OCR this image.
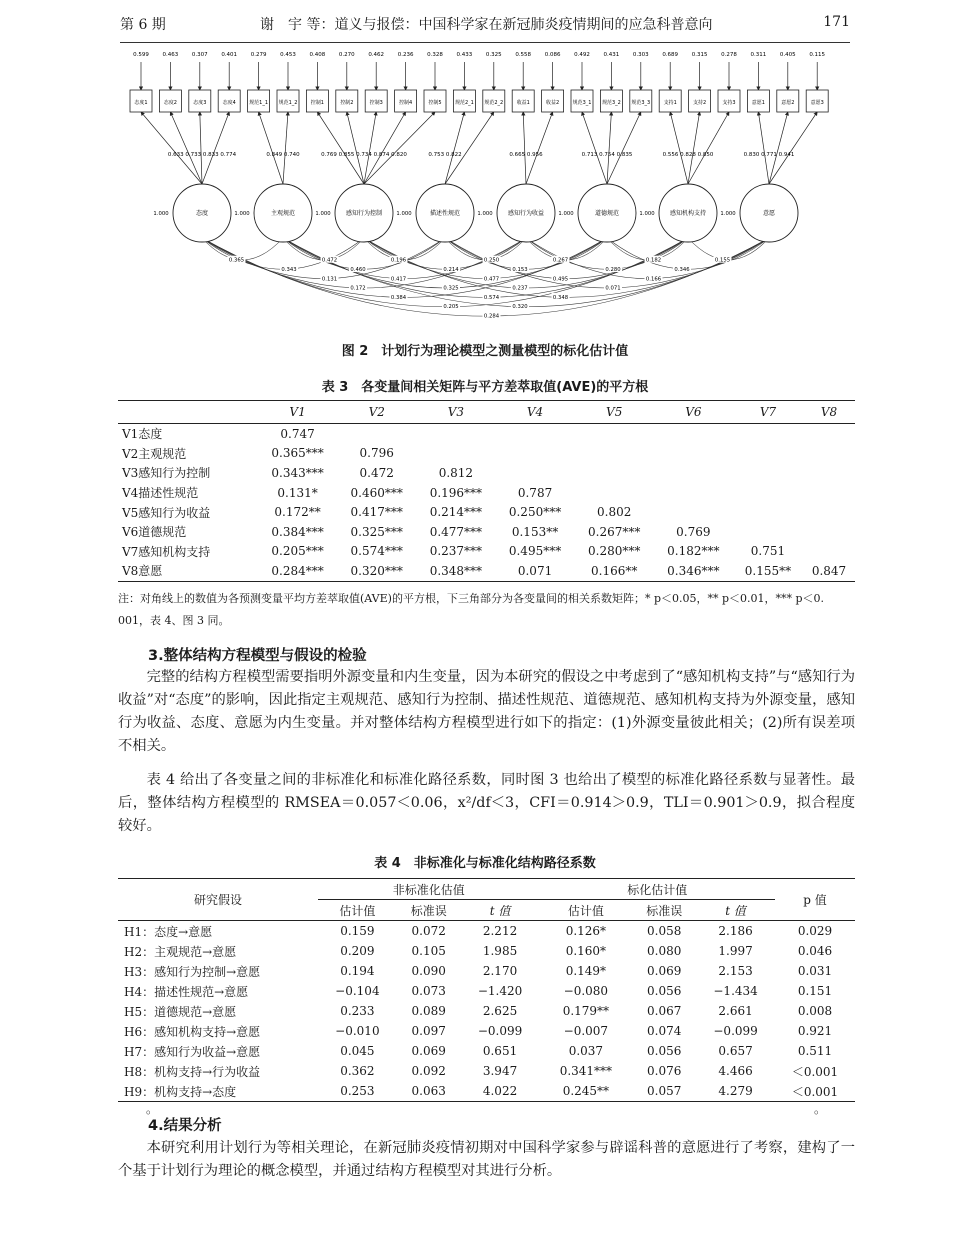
第 6 期	谢　宇 等：道义与报偿：中国科学家在新冠肺炎疫情期间的应急科普意向	171
0.365	0.472	0.196	0.250	0.267	0.182	0.155
0.343	0.460	0.214	0.153	0.280	0.346
0.131	0.417	0.477	0.495	0.166
0.172	0.325	0.237	0.071
0.384	0.574	0.348
0.205	0.320
0.284
0.599
态度1
0.463
态度2
0.307
态度3
0.401
态度4
0.279
规范1_1
0.453
规范1_2
0.408
控制1
0.270
控制2
0.462
控制3
0.236
控制4
0.328
控制5
0.433
规范2_1
0.325
规范2_2
0.558
收益1
0.086
收益2
0.492
规范3_1
0.431
规范3_2
0.303
规范3_3
0.689
支持1
0.315
支持2
0.278
支持3
0.311
意愿1
0.405
意愿2
0.115
意愿3
0.633 0.733 0.833 0.774	0.849 0.740	0.769 0.855 0.734 0.874 0.820	0.753 0.822	0.665 0.956	0.713 0.754 0.835	0.556 0.828 0.850	0.830 0.771 0.941
态度
1.000	主观规范
1.000	感知行为控制
1.000	描述性规范
1.000	感知行为收益
1.000	道德规范
1.000	感知机构支持
1.000	意愿
1.000
图 2　计划行为理论模型之测量模型的标化估计值
表 3　各变量间相关矩阵与平方差萃取值(AVE)的平方根
	V1	V2	V3	V4	V5	V6	V7	V8
V1态度	0.747							
V2主观规范	0.365***	0.796						
V3感知行为控制	0.343***	0.472	0.812					
V4描述性规范	0.131*	0.460***	0.196***	0.787				
V5感知行为收益	0.172**	0.417***	0.214***	0.250***	0.802			
V6道德规范	0.384***	0.325***	0.477***	0.153**	0.267***	0.769		
V7感知机构支持	0.205***	0.574***	0.237***	0.495***	0.280***	0.182***	0.751	
V8意愿	0.284***	0.320***	0.348***	0.071	0.166**	0.346***	0.155**	0.847
注：对角线上的数值为各预测变量平均方差萃取值(AVE)的平方根，下三角部分为各变量间的相关系数矩阵；* p＜0.05，** p＜0.01，*** p＜0. 001，表 4、图 3 同。
3.整体结构方程模型与假设的检验
完整的结构方程模型需要指明外源变量和内生变量，因为本研究的假设之中考虑到了“感知机构支持”与“感知行为收益”对“态度”的影响，因此指定主观规范、感知行为控制、描述性规范、道德规范、感知机构支持为外源变量，感知行为收益、态度、意愿为内生变量。并对整体结构方程模型进行如下的指定：(1)外源变量彼此相关；(2)所有误差项不相关。
表 4 给出了各变量之间的非标准化和标准化路径系数，同时图 3 也给出了模型的标准化路径系数与显著性。最后，整体结构方程模型的 RMSEA＝0.057＜0.06，x²/df＜3，CFI＝0.914＞0.9，TLI＝0.901＞0.9，拟合程度较好。
表 4　非标准化与标准化结构路径系数
研究假设	非标准化估值			标化估计值			p 值
	估计值	标准误	t 值	估计值	标准误	t 值	
H1：态度→意愿	0.159	0.072	2.212	0.126*	0.058	2.186	0.029
H2：主观规范→意愿	0.209	0.105	1.985	0.160*	0.080	1.997	0.046
H3：感知行为控制→意愿	0.194	0.090	2.170	0.149*	0.069	2.153	0.031
H4：描述性规范→意愿	−0.104	0.073	−1.420	−0.080	0.056	−1.434	0.151
H5：道德规范→意愿	0.233	0.089	2.625	0.179**	0.067	2.661	0.008
H6：感知机构支持→意愿	−0.010	0.097	−0.099	−0.007	0.074	−0.099	0.921
H7：感知行为收益→意愿	0.045	0.069	0.651	0.037	0.056	0.657	0.511
H8：机构支持→行为收益	0.362	0.092	3.947	0.341***	0.076	4.466	＜0.001
H9：机构支持→态度	0.253	0.063	4.022	0.245**	0.057	4.279	＜0.001
。	。
4.结果分析
本研究利用计划行为等相关理论，在新冠肺炎疫情初期对中国科学家参与辟谣科普的意愿进行了考察，建构了一个基于计划行为理论的概念模型，并通过结构方程模型对其进行分析。
